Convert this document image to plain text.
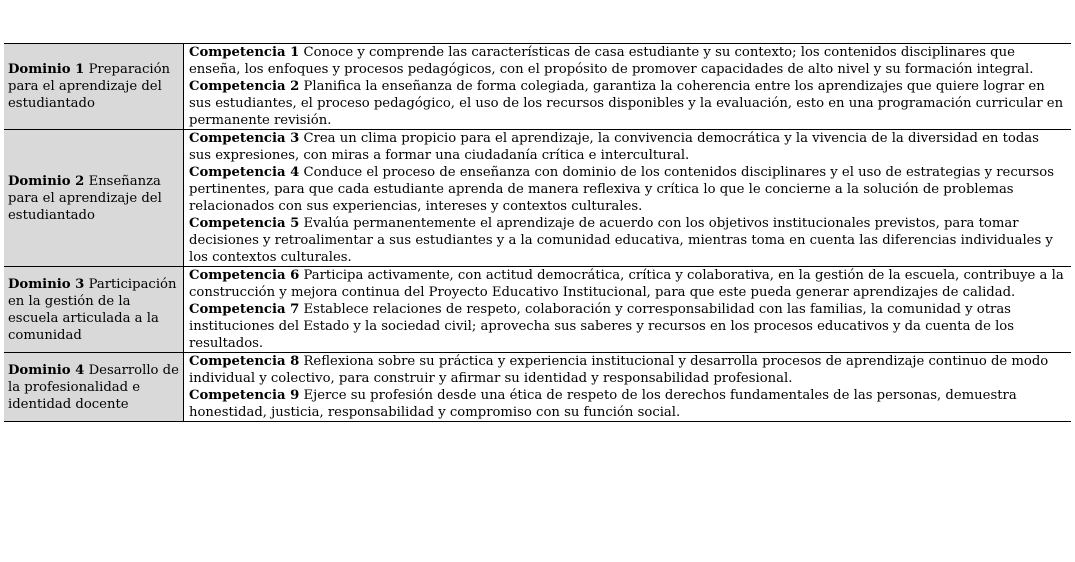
Dominio 1 Preparación para el aprendizaje del estudiantado	Competencia 1 Conoce y comprende las características de casa estudiante y su contexto; los contenidos disciplinares que enseña, los enfoques y procesos pedagógicos, con el propósito de promover capacidades de alto nivel y su formación integral.
Competencia 2 Planifica la enseñanza de forma colegiada, garantiza la coherencia entre los aprendizajes que quiere lograr en sus estudiantes, el proceso pedagógico, el uso de los recursos disponibles y la evaluación, esto en una programación curricular en permanente revisión.

Dominio 2 Enseñanza para el aprendizaje del estudiantado	Competencia 3 Crea un clima propicio para el aprendizaje, la convivencia democrática y la vivencia de la diversidad en todas sus expresiones, con miras a formar una ciudadanía crítica e intercultural.
Competencia 4 Conduce el proceso de enseñanza con dominio de los contenidos disciplinares y el uso de estrategias y recursos pertinentes, para que cada estudiante aprenda de manera reflexiva y crítica lo que le concierne a la solución de problemas relacionados con sus experiencias, intereses y contextos culturales.
Competencia 5 Evalúa permanentemente el aprendizaje de acuerdo con los objetivos institucionales previstos, para tomar decisiones y retroalimentar a sus estudiantes y a la comunidad educativa, mientras toma en cuenta las diferencias individuales y los contextos culturales.

Dominio 3 Participación en la gestión de la escuela articulada a la comunidad	Competencia 6 Participa activamente, con actitud democrática, crítica y colaborativa, en la gestión de la escuela, contribuye a la construcción y mejora continua del Proyecto Educativo Institucional, para que este pueda generar aprendizajes de calidad.
Competencia 7 Establece relaciones de respeto, colaboración y corresponsabilidad con las familias, la comunidad y otras instituciones del Estado y la sociedad civil; aprovecha sus saberes y recursos en los procesos educativos y da cuenta de los resultados.

Dominio 4 Desarrollo de la profesionalidad e identidad docente	Competencia 8 Reflexiona sobre su práctica y experiencia institucional y desarrolla procesos de aprendizaje continuo de modo individual y colectivo, para construir y afirmar su identidad y responsabilidad profesional.
Competencia 9 Ejerce su profesión desde una ética de respeto de los derechos fundamentales de las personas, demuestra honestidad, justicia, responsabilidad y compromiso con su función social.
